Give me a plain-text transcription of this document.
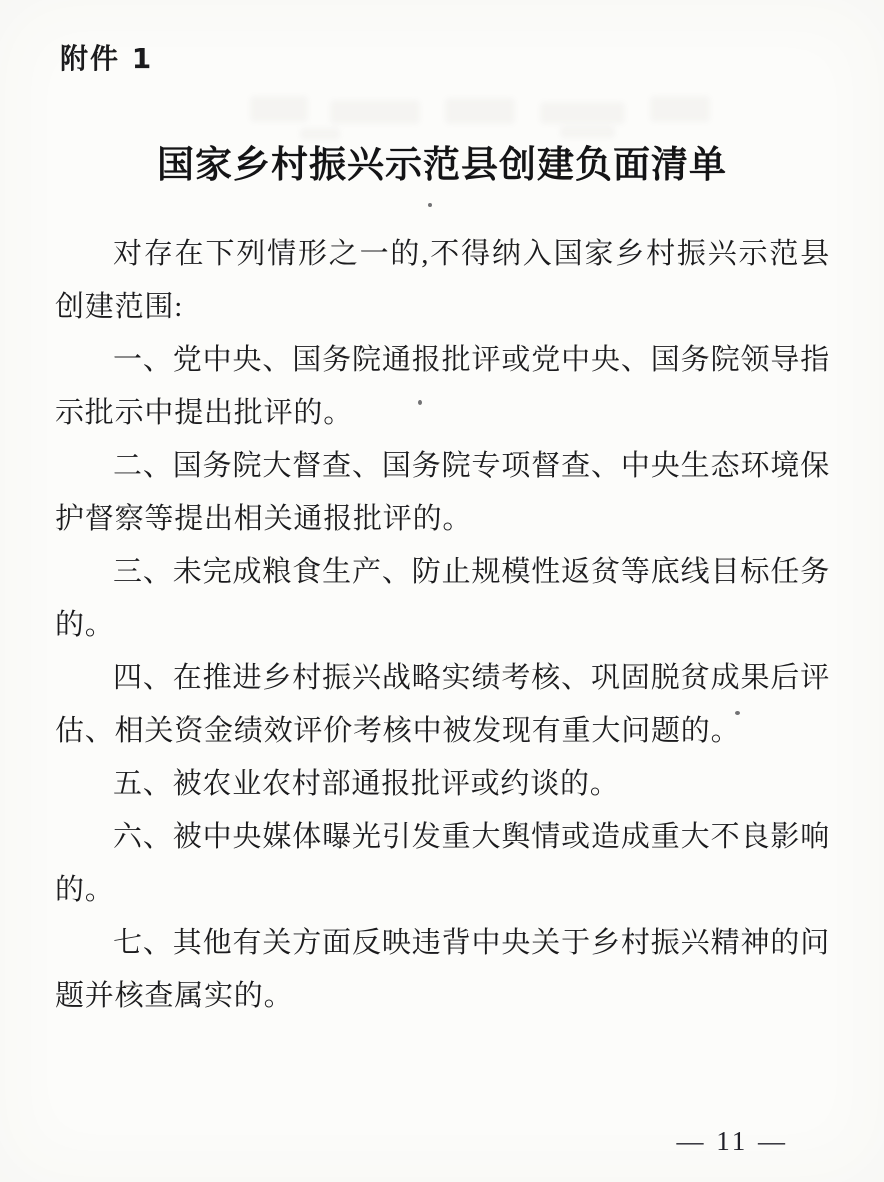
附件 1
国家乡村振兴示范县创建负面清单

对存在下列情形之一的,不得纳入国家乡村振兴示范县创建范围:

一、党中央、国务院通报批评或党中央、国务院领导指示批示中提出批评的。

二、国务院大督查、国务院专项督查、中央生态环境保护督察等提出相关通报批评的。

三、未完成粮食生产、防止规模性返贫等底线目标任务的。

四、在推进乡村振兴战略实绩考核、巩固脱贫成果后评估、相关资金绩效评价考核中被发现有重大问题的。

五、被农业农村部通报批评或约谈的。

六、被中央媒体曝光引发重大舆情或造成重大不良影响的。

七、其他有关方面反映违背中央关于乡村振兴精神的问题并核查属实的。

— 11 —
